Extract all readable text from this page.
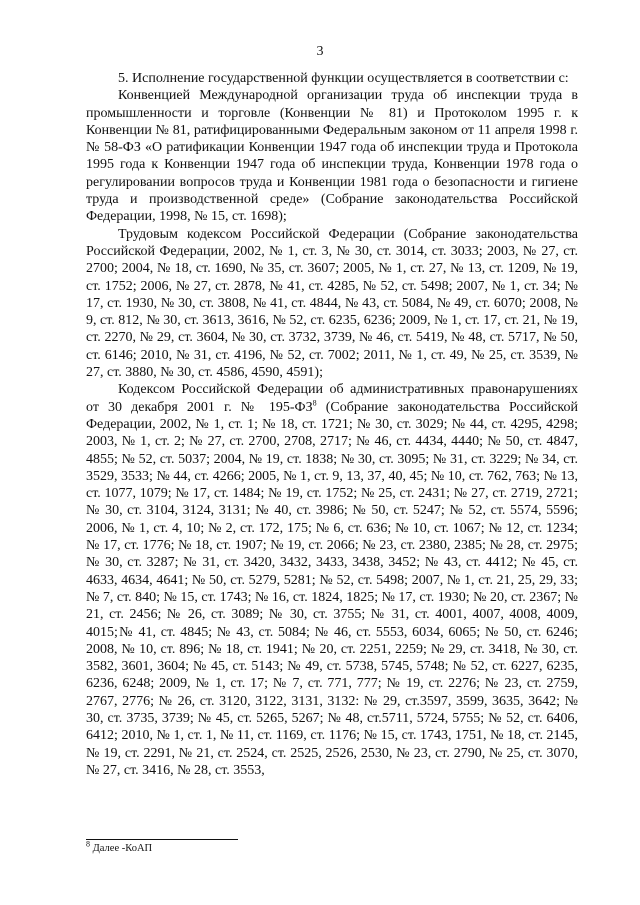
3

5. Исполнение государственной функции осуществляется в соответствии с:

Конвенцией Международной организации труда об инспекции труда в промышленности и торговле (Конвенции № 81) и Протоколом 1995 г. к Конвенции № 81, ратифицированными Федеральным законом от 11 апреля 1998 г. № 58-ФЗ «О ратификации Конвенции 1947 года об инспекции труда и Протокола 1995 года к Конвенции 1947 года об инспекции труда, Конвенции 1978 года о регулировании вопросов труда и Конвенции 1981 года о безопасности и гигиене труда и производственной среде» (Собрание законодательства Российской Федерации, 1998, № 15, ст. 1698);

Трудовым кодексом Российской Федерации (Собрание законодательства Российской Федерации, 2002, № 1, ст. 3, № 30, ст. 3014, ст. 3033; 2003, № 27, ст. 2700; 2004, № 18, ст. 1690, № 35, ст. 3607; 2005, № 1, ст. 27, № 13, ст. 1209, № 19, ст. 1752; 2006, № 27, ст. 2878, № 41, ст. 4285, № 52, ст. 5498; 2007, № 1, ст. 34; № 17, ст. 1930, № 30, ст. 3808, № 41, ст. 4844, № 43, ст. 5084, № 49, ст. 6070; 2008, № 9, ст. 812, № 30, ст. 3613, 3616, № 52, ст. 6235, 6236; 2009, № 1, ст. 17, ст. 21, № 19, ст. 2270, № 29, ст. 3604, № 30, ст. 3732, 3739, № 46, ст. 5419, № 48, ст. 5717, № 50, ст. 6146; 2010, № 31, ст. 4196, № 52, ст. 7002; 2011, № 1, ст. 49, № 25, ст. 3539, № 27, ст. 3880, № 30, ст. 4586, 4590, 4591);

Кодексом Российской Федерации об административных правонарушениях от 30 декабря 2001 г. № $195-ФЗ^8$ (Собрание законодательства Российской Федерации, 2002, № 1, ст. 1; № 18, ст. 1721; № 30, ст. 3029; № 44, ст. 4295, 4298; 2003, № 1, ст. 2; № 27, ст. 2700, 2708, 2717; № 46, ст. 4434, 4440; № 50, ст. 4847, 4855; № 52, ст. 5037; 2004, № 19, ст. 1838; № 30, ст. 3095; № 31, ст. 3229; № 34, ст. 3529, 3533; № 44, ст. 4266; 2005, № 1, ст. 9, 13, 37, 40, 45; № 10, ст. 762, 763; № 13, ст. 1077, 1079; № 17, ст. 1484; № 19, ст. 1752; № 25, ст. 2431; № 27, ст. 2719, 2721; № 30, ст. 3104, 3124, 3131; № 40, ст. 3986; № 50, ст. 5247; № 52, ст. 5574, 5596; 2006, № 1, ст. 4, 10; № 2, ст. 172, 175; № 6, ст. 636; № 10, ст. 1067; № 12, ст. 1234; № 17, ст. 1776; № 18, ст. 1907; № 19, ст. 2066; № 23, ст. 2380, 2385; № 28, ст. 2975; № 30, ст. 3287; № 31, ст. 3420, 3432, 3433, 3438, 3452; № 43, ст. 4412; № 45, ст. 4633, 4634, 4641; № 50, ст. 5279, 5281; № 52, ст. 5498; 2007, № 1, ст. 21, 25, 29, 33; № 7, ст. 840; № 15, ст. 1743; № 16, ст. 1824, 1825; № 17, ст. 1930; № 20, ст. 2367; № 21, ст. 2456; № 26, ст. 3089; № 30, ст. 3755; № 31, ст. 4001, 4007, 4008, 4009, 4015;№ 41, ст. 4845; № 43, ст. 5084; № 46, ст. 5553, 6034, 6065; № 50, ст. 6246; 2008, № 10, ст. 896; № 18, ст. 1941; № 20, ст. 2251, 2259; № 29, ст. 3418, № 30, ст. 3582, 3601, 3604; № 45, ст. 5143; № 49, ст. 5738, 5745, 5748; № 52, ст. 6227, 6235, 6236, 6248; 2009, № 1, ст. 17; № 7, ст. 771, 777; № 19, ст. 2276; № 23, ст. 2759, 2767, 2776; № 26, ст. 3120, 3122, 3131, 3132: № 29, ст.3597, 3599, 3635, 3642; № 30, ст. 3735, 3739; № 45, ст. 5265, 5267; № 48, ст.5711, 5724, 5755; № 52, ст. 6406, 6412; 2010, № 1, ст. 1, № 11, ст. 1169, ст. 1176; № 15, ст. 1743, 1751, № 18, ст. 2145, № 19, ст. 2291, № 21, ст. 2524, ст. 2525, 2526, 2530, № 23, ст. 2790, № 25, ст. 3070, № 27, ст. 3416, № 28, ст. 3553,

$^8$ Далее -КоАП
